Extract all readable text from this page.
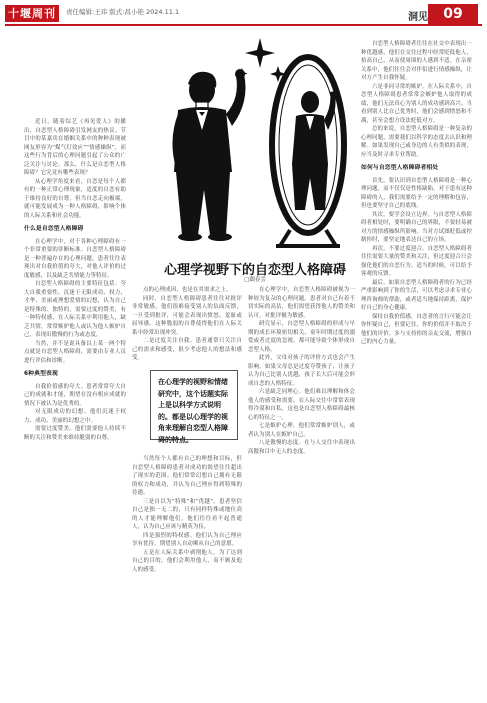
十堰周刊	责任编辑:王玮 版式:昌小艳 2024.11.1	洞见	09
心理学视野下的自恋型人格障碍
□閾春雲

近日，随着综艺《再见爱人》的播出，自恋型人格障碍引发网友的热议。节目中的某嘉宾在婚姻关系中的种种表现被网友形容为“煤气灯效应”“情感操纵”，而这些行为背后的心理问题引起了公众的广泛关注与讨论。那么，什么是自恋型人格障碍？它究竟有哪些表现？

从心理学角度来看，自恋是每个人都有的一种正常心理现象，适度的自恋有助于维持良好的自尊，但当自恋走向极端，就可能发展成为一种人格障碍，影响个体的人际关系和社会功能。

什么是自恋型人格障碍

在心理学中，对于各种心理障碍有一个非常重要的诊断标准。自恋型人格障碍是一种普遍存在的心理问题，患者往往表现出对自我价值的夸大，对他人评价的过度敏感，以及缺乏共情能力等特征。

自恋型人格障碍的主要特征包括：夸大自我重要性，沉迷于无限成功、权力、才华、美丽或理想爱情的幻想，认为自己是特殊的、独特的，需要过度的赞美，有一种特权感，在人际关系中利用他人，缺乏共情，常常嫉妒他人或认为他人嫉妒自己，表现出傲慢的行为或态度。

当然，并不是说具备以上某一两个特点就是自恋型人格障碍，需要由专业人员进行评估和诊断。

6种典型表现

自我价值感的夸大。患者常常夸大自己的成就和才能，期望在没有相应成就的情况下被认为是优秀的。

对无限成功的幻想。他们沉迷于权力、成功、美丽的幻想之中。

需要过度赞美。他们需要他人持续不断的关注和赞美来维持脆弱的自尊。

点的心理成因，也是在其需求之上。

同时，自恋型人格障碍患者往往对批评非常敏感，他们很难接受别人的负面反馈，一旦受到批评，可能会表现出愤怒、羞耻或屈辱感。这种脆弱的自尊使得他们在人际关系中经常出现冲突。

二是过度关注自我。患者通常只关注自己的需求和感受，很少考虑他人的想法和感受。

当然每个人都有自己的理想和目标，但自恋型人格障碍患者对成功的渴望往往超出了现实的范围。他们常常幻想自己拥有无限的权力和成功，并认为自己理应得到特殊的待遇。

三是自以为“特殊”和“优越”。患者坚信自己是独一无二的，只有同样特殊或地位高的人才能理解他们。他们往往看不起普通人，认为自己应该与精英为伍。

四是强烈的特权感。他们认为自己理应享有优待，期望别人自动顺从自己的意愿。

五是在人际关系中剥削他人。为了达到自己的目的，他们会利用他人，而不顾及他人的感受。

在心理学中，自恋型人格障碍被视为一种较为复杂的心理问题。患者对自己有着不切实际的高估，他们渴望获得他人的赞美和认可，对批评极为敏感。

研究显示，自恋型人格障碍的形成与早期的成长环境密切相关。童年时期过度的溺爱或者过度的忽视，都可能导致个体形成自恋型人格。

此外，父母对孩子的评价方式也会产生影响。如果父母总是过度夸赞孩子，让孩子认为自己比别人优越，孩子长大后可能会形成自恋的人格特征。

六是缺乏同理心。他们难以理解和体会他人的感受和需要，在人际交往中常常表现得冷漠和自私，这也是自恋型人格障碍最核心的特征之一。

七是嫉妒心理。他们常常嫉妒别人，或者认为别人在嫉妒自己。

八是傲慢的态度。在与人交往中表现出高傲和目中无人的态度。

自恋型人格障碍者往往在社交中表现出一种优越感，他们在交往过程中经常贬低他人，抬高自己，从而使周围的人感到不适。在亲密关系中，他们往往会对伴侣进行情感操纵，让对方产生自我怀疑。

六是非同寻常的嫉妒。在人际关系中，自恋型人格障碍患者常常会嫉妒他人取得的成绩，他们无法真心为别人的成功感到高兴。当看到别人比自己优秀时，他们会感到愤怒和不满，甚至会想方设法贬低对方。

总的来说，自恋型人格障碍是一种复杂的心理问题，需要我们以科学的态度去认识和理解。如果发现自己或身边的人有类似的表现，应当及时寻求专业帮助。

如何与自恋型人格障碍者相处

首先，要认识到自恋型人格障碍是一种心理问题，而不仅仅是性格缺陷。对于患有这种障碍的人，我们需要给予一定的理解和包容，但也要坚守自己的底线。

其次，要学会设立边界。与自恋型人格障碍者相处时，要明确自己的界限，不要轻易被对方的情感操纵所影响。当对方试图贬低或控制你时，要坚定地表达自己的立场。

再次，不要过度迎合。自恋型人格障碍者往往需要大量的赞美和关注，但过度迎合只会强化他们的自恋行为。适当的时候，可以给予客观的反馈。

最后，如果自恋型人格障碍者的行为已经严重影响到了你的生活，可以考虑寻求专业心理咨询师的帮助，或者适当地保持距离，保护好自己的身心健康。

保持自我价值感，自恋者的言行可能会让你怀疑自己，但要记住，你的价值并不取决于他们的评价。多与支持你的亲友交流，增强自己的内心力量。

在心理学的视野和情绪研究中，这个话题实际上是以科学方式说明的。都是以心理学的视角来理解自恋型人格障碍的特点。
